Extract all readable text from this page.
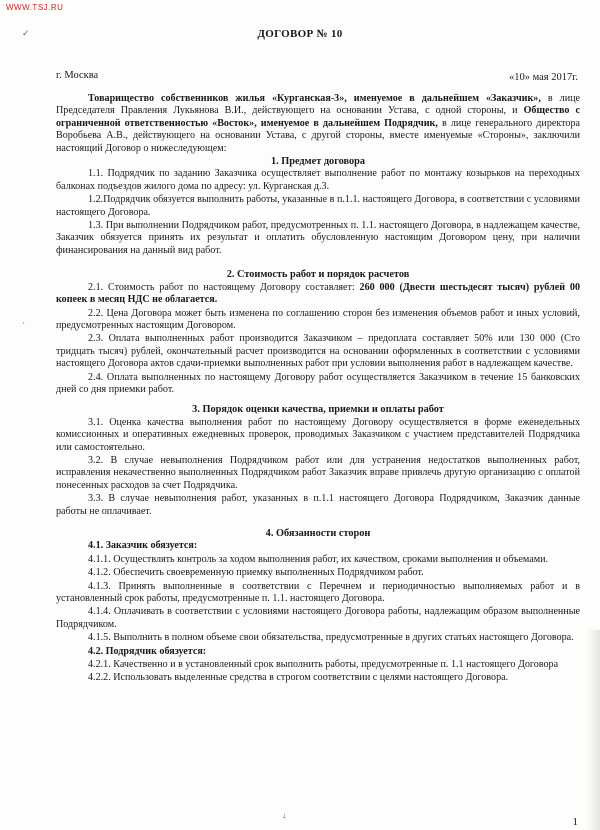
WWW.TSJ.RU
✓
·
↓
ДОГОВОР № 10
г. Москва	«10» мая 2017г.

Товарищество собственников жилья «Курганская-3», именуемое в дальнейшем «Заказчик», в лице Председателя Правления Лукьянова В.И., действующего на основании Устава, с одной стороны, и Общество с ограниченной ответственностью «Восток», именуемое в дальнейшем Подрядчик, в лице генерального директора Воробьева А.В., действующего на основании Устава, с другой стороны, вместе именуемые «Стороны», заключили настоящий Договор о нижеследующем:

1. Предмет договора

1.1. Подрядчик по заданию Заказчика осуществляет выполнение работ по монтажу козырьков на переходных балконах подъездов жилого дома по адресу: ул. Курганская д.3.

1.2.Подрядчик обязуется выполнить работы, указанные в п.1.1. настоящего Договора, в соответствии с условиями настоящего Договора.

1.3. При выполнении Подрядчиком работ, предусмотренных п. 1.1. настоящего Договора, в надлежащем качестве, Заказчик обязуется принять их результат и оплатить обусловленную настоящим Договором цену, при наличии финансирования на данный вид работ.

2. Стоимость работ и порядок расчетов

2.1. Стоимость работ по настоящему Договору составляет: 260 000 (Двести шестьдесят тысяч) рублей 00 копеек в месяц НДС не облагается.

2.2. Цена Договора может быть изменена по соглашению сторон без изменения объемов работ и иных условий, предусмотренных настоящим Договором.

2.3. Оплата выполненных работ производится Заказчиком – предоплата составляет 50% или 130 000 (Сто тридцать тысяч) рублей, окончательный расчет производится на основании оформленных в соответствии с условиями настоящего Договора актов сдачи-приемки выполненных работ при условии выполнения работ в надлежащем качестве.

2.4. Оплата выполненных по настоящему Договору работ осуществляется Заказчиком в течение 15 банковских дней со дня приемки работ.

3. Порядок оценки качества, приемки и оплаты работ

3.1. Оценка качества выполнения работ по настоящему Договору осуществляется в форме еженедельных комиссионных и оперативных ежедневных проверок, проводимых Заказчиком с участием представителей Подрядчика или самостоятельно.

3.2. В случае невыполнения Подрядчиком работ или для устранения недостатков выполненных работ, исправления некачественно выполненных Подрядчиком работ Заказчик вправе привлечь другую организацию с оплатой понесенных расходов за счет Подрядчика.

3.3. В случае невыполнения работ, указанных в п.1.1 настоящего Договора Подрядчиком, Заказчик данные работы не оплачивает.

4. Обязанности сторон

4.1. Заказчик обязуется:

4.1.1. Осуществлять контроль за ходом выполнения работ, их качеством, сроками выполнения и объемами.

4.1.2. Обеспечить своевременную приемку выполненных Подрядчиком работ.

4.1.3. Принять выполненные в соответствии с Перечнем и периодичностью выполняемых работ и в установленный срок работы, предусмотренные п. 1.1. настоящего Договора.

4.1.4. Оплачивать в соответствии с условиями настоящего Договора работы, надлежащим образом выполненные Подрядчиком.

4.1.5. Выполнить в полном объеме свои обязательства, предусмотренные в других статьях настоящего Договора.

4.2. Подрядчик обязуется:

4.2.1. Качественно и в установленный срок выполнить работы, предусмотренные п. 1.1 настоящего Договора

4.2.2. Использовать выделенные средства в строгом соответствии с целями настоящего Договора.

1
